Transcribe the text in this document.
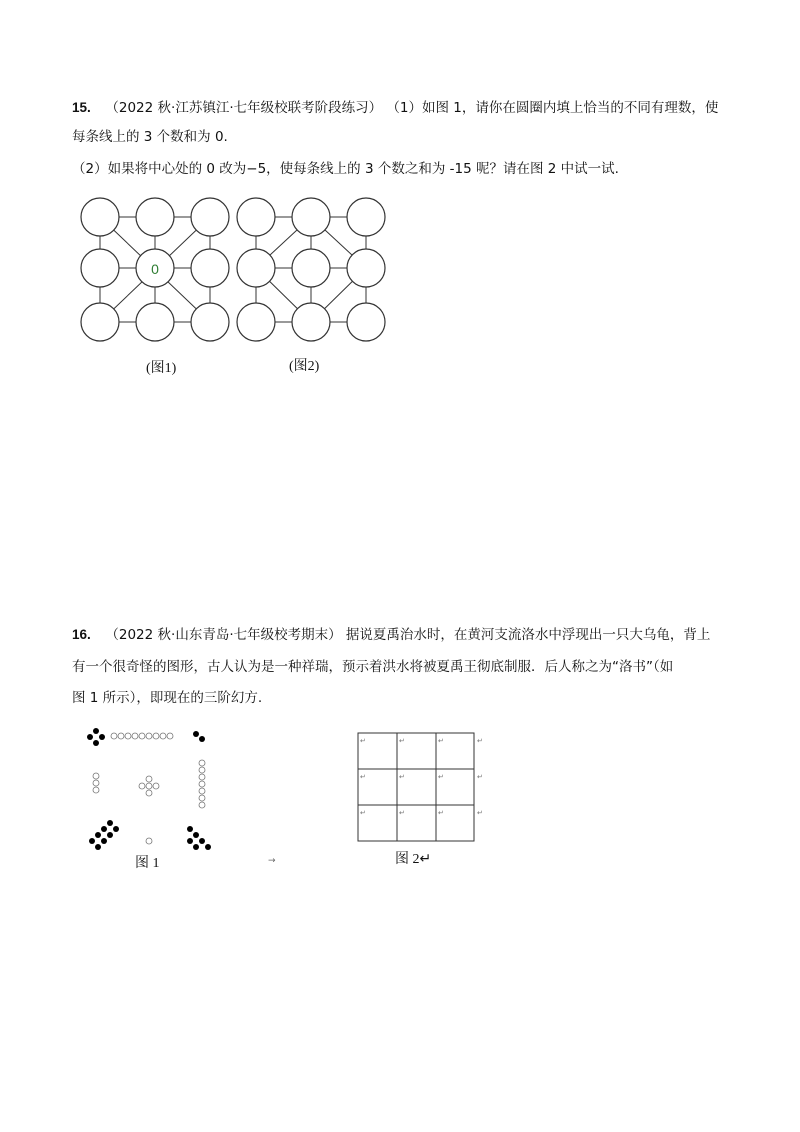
15. （2022 秋·江苏镇江·七年级校联考阶段练习） （1）如图 1，请你在圆圈内填上恰当的不同有理数，使
每条线上的 3 个数和为 0.
（2）如果将中心处的 0 改为−5，使每条线上的 3 个数之和为 -15 呢？请在图 2 中试一试.
0
(图1)	(图2)
16. （2022 秋·山东青岛·七年级校考期末） 据说夏禹治水时，在黄河支流洛水中浮现出一只大乌龟，背上
有一个很奇怪的图形，古人认为是一种祥瑞，预示着洪水将被夏禹王彻底制服．后人称之为“洛书”（如
图 1 所示），即现在的三阶幻方.
图 1	→
↵	↵	↵	↵
↵	↵	↵	↵
↵	↵	↵	↵
图 2↵
